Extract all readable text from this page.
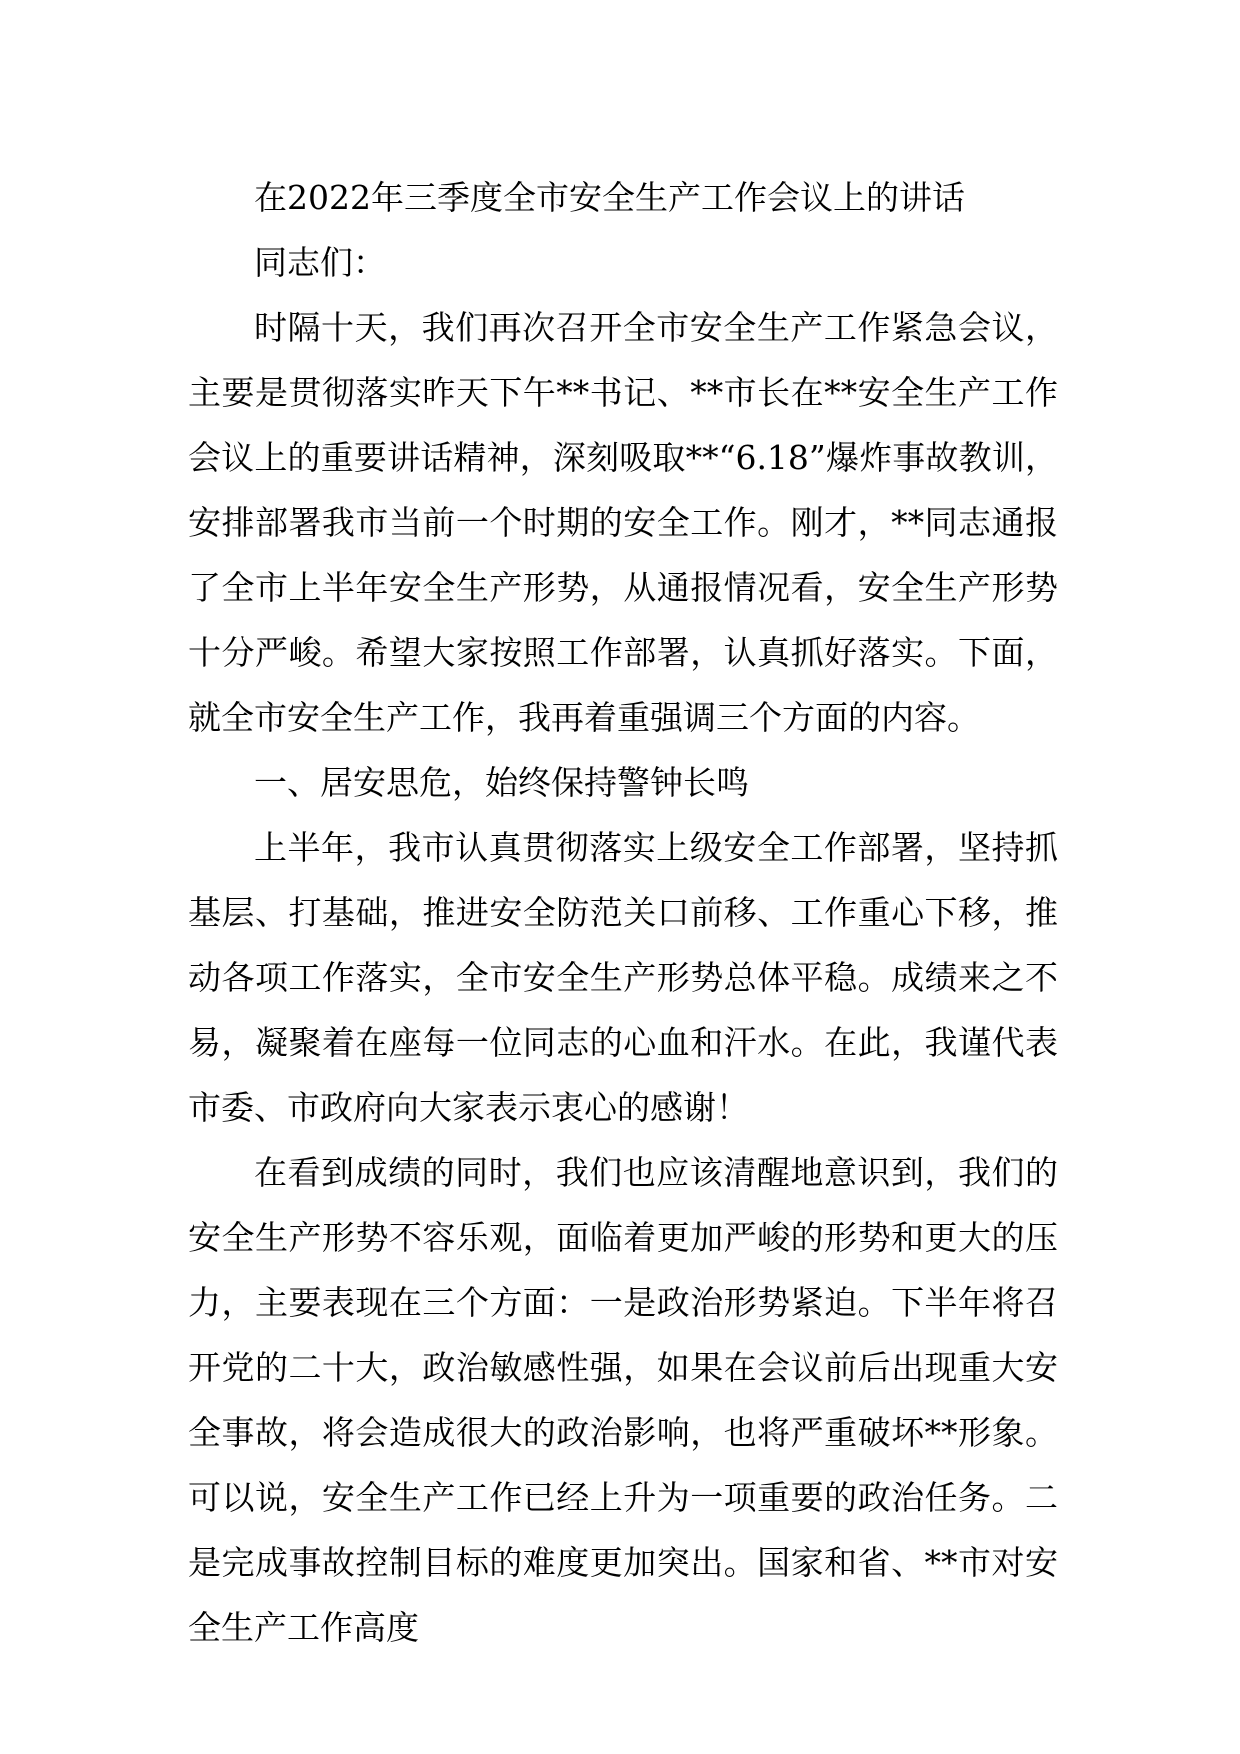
在2022年三季度全市安全生产工作会议上的讲话

同志们：

时隔十天，我们再次召开全市安全生产工作紧急会议，主要是贯彻落实昨天下午**书记、**市长在**安全生产工作会议上的重要讲话精神，深刻吸取**“6.18”爆炸事故教训，安排部署我市当前一个时期的安全工作。刚才，**同志通报了全市上半年安全生产形势，从通报情况看，安全生产形势十分严峻。希望大家按照工作部署，认真抓好落实。下面，就全市安全生产工作，我再着重强调三个方面的内容。

一、居安思危，始终保持警钟长鸣

上半年，我市认真贯彻落实上级安全工作部署，坚持抓基层、打基础，推进安全防范关口前移、工作重心下移，推动各项工作落实，全市安全生产形势总体平稳。成绩来之不易，凝聚着在座每一位同志的心血和汗水。在此，我谨代表市委、市政府向大家表示衷心的感谢！

在看到成绩的同时，我们也应该清醒地意识到，我们的安全生产形势不容乐观，面临着更加严峻的形势和更大的压力，主要表现在三个方面：一是政治形势紧迫。下半年将召开党的二十大，政治敏感性强，如果在会议前后出现重大安全事故，将会造成很大的政治影响，也将严重破坏**形象。可以说，安全生产工作已经上升为一项重要的政治任务。二是完成事故控制目标的难度更加突出。国家和省、**市对安全生产工作高度
